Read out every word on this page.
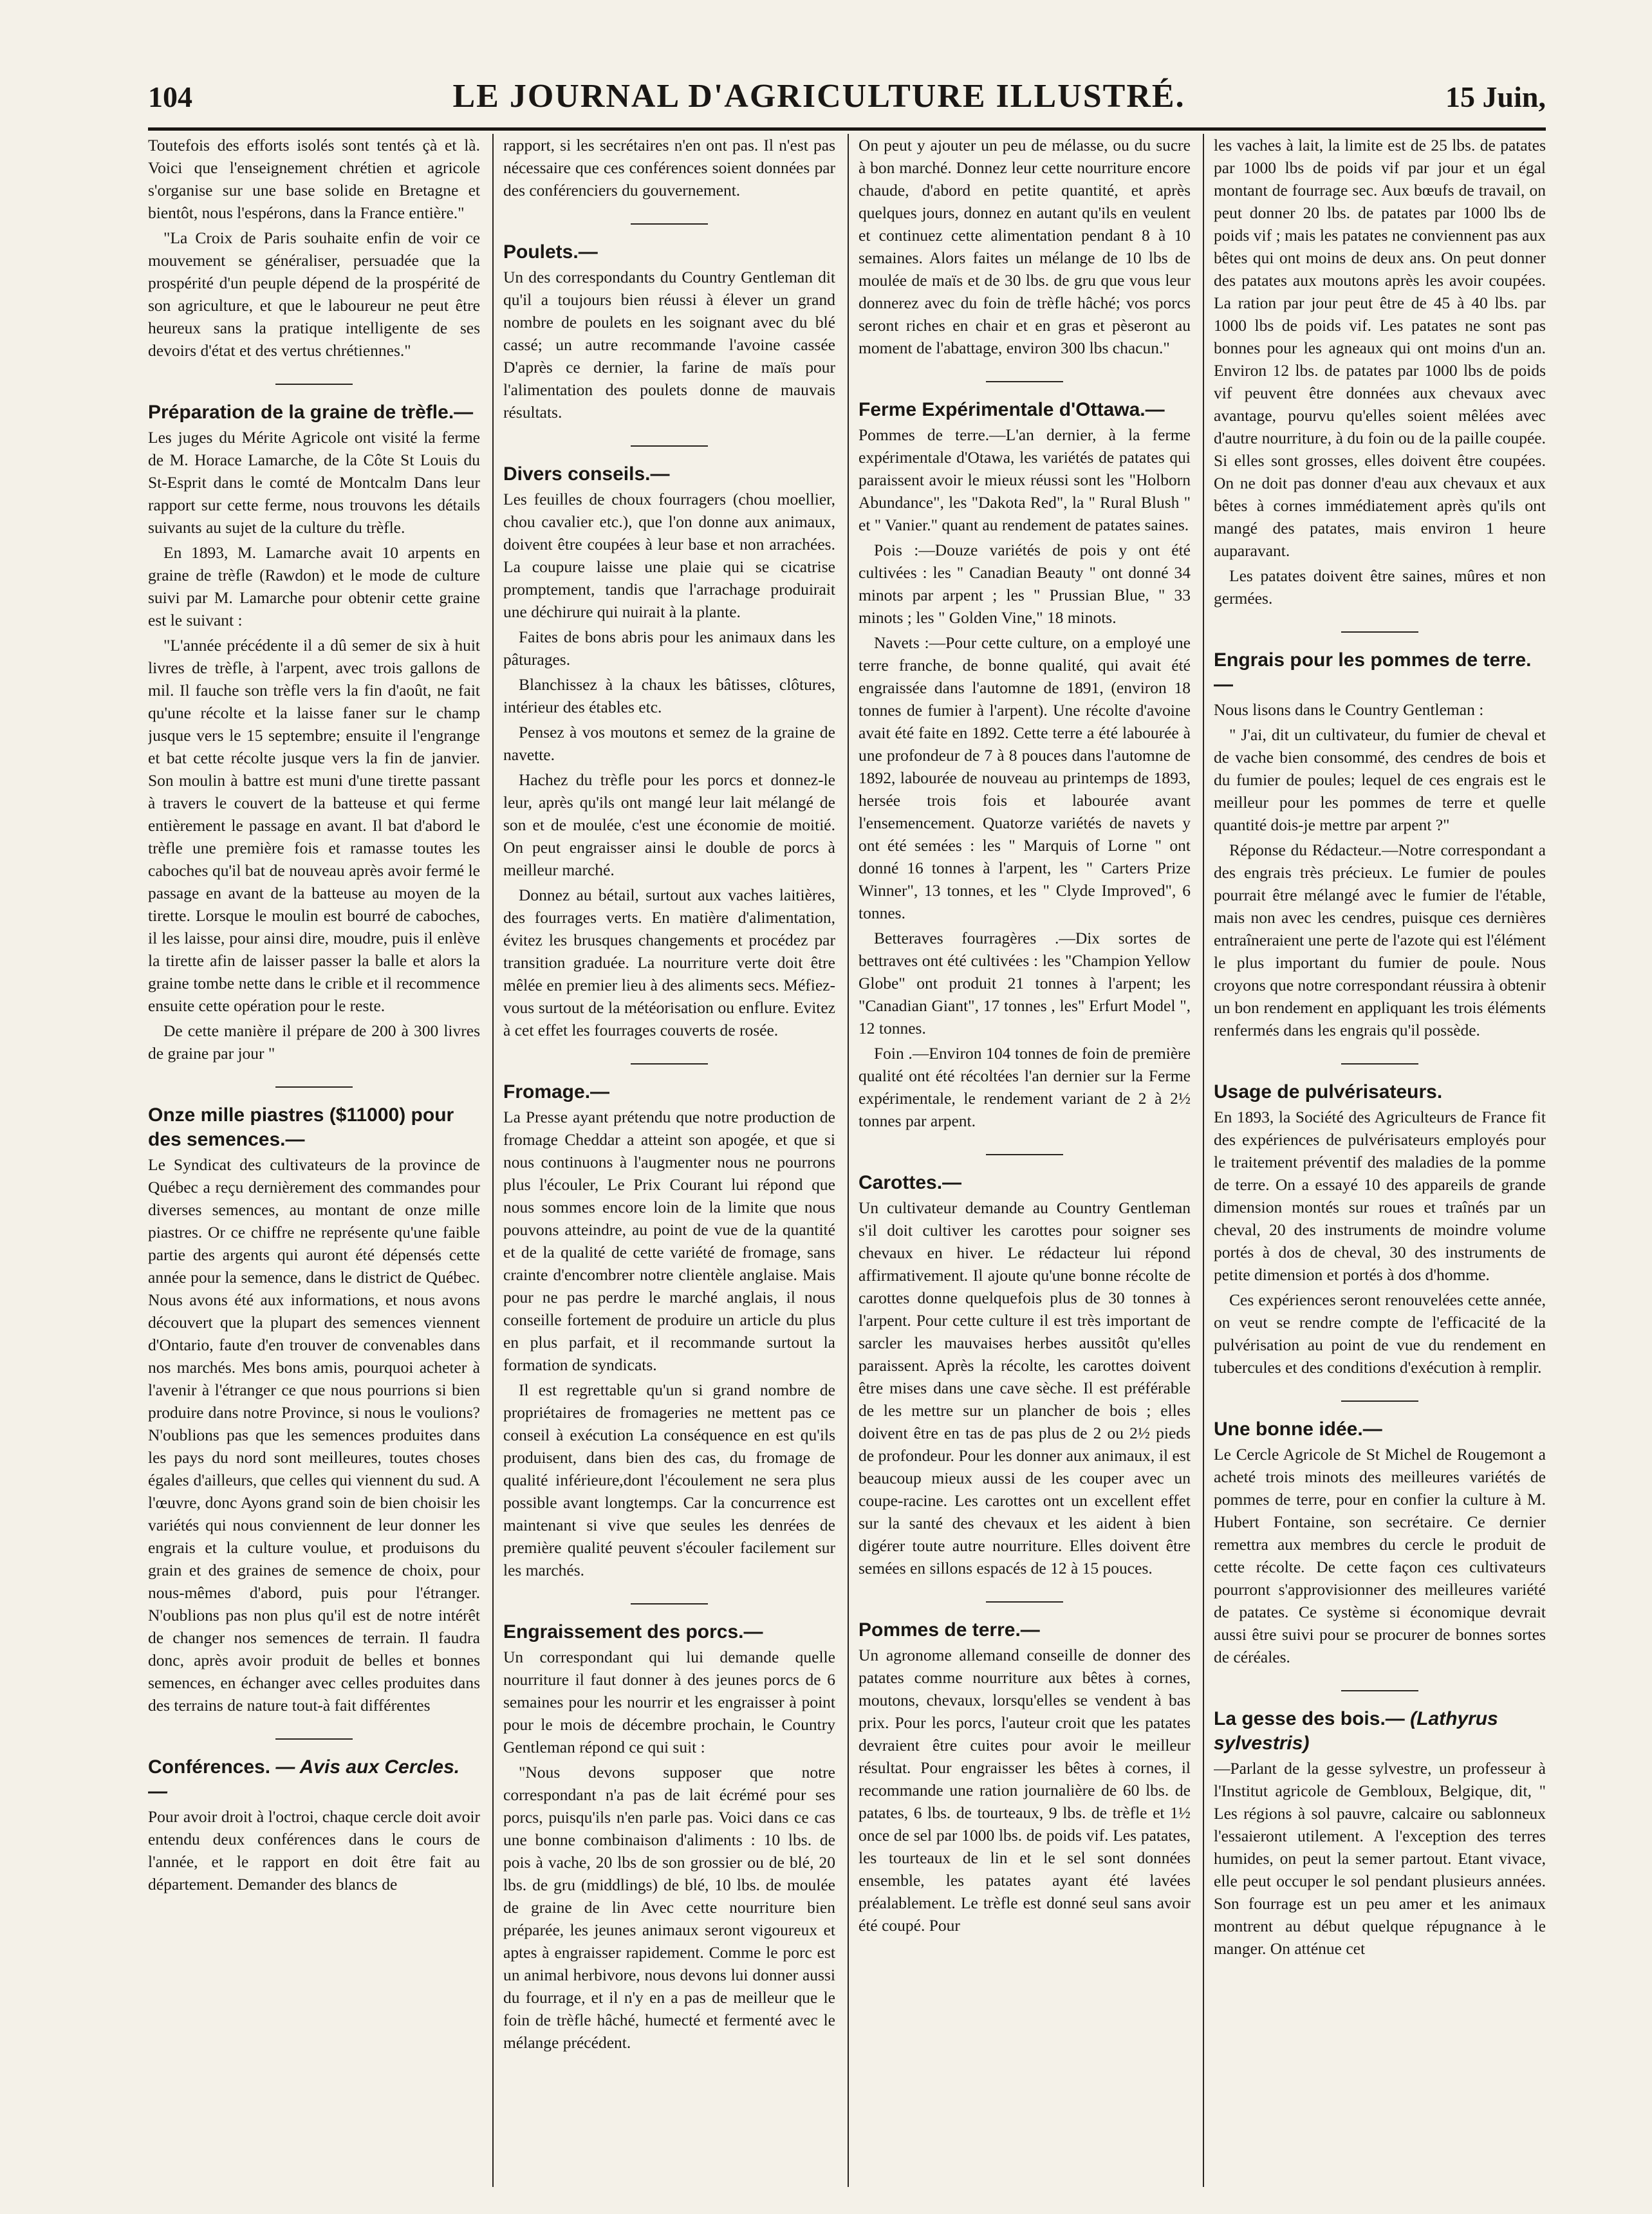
104	LE JOURNAL D'AGRICULTURE ILLUSTRÉ.	15 Juin,

Toutefois des efforts isolés sont tentés çà et là. Voici que l'enseignement chrétien et agricole s'organise sur une base solide en Bretagne et bientôt, nous l'espérons, dans la France entière."

"La Croix de Paris souhaite enfin de voir ce mouvement se généraliser, persuadée que la prospérité d'un peuple dépend de la prospérité de son agriculture, et que le laboureur ne peut être heureux sans la pratique intelligente de ses devoirs d'état et des vertus chrétiennes."

Préparation de la graine de trèfle.—

Les juges du Mérite Agricole ont visité la ferme de M. Horace Lamarche, de la Côte St Louis du St-Esprit dans le comté de Montcalm Dans leur rapport sur cette ferme, nous trouvons les détails suivants au sujet de la culture du trèfle.

En 1893, M. Lamarche avait 10 arpents en graine de trèfle (Rawdon) et le mode de culture suivi par M. Lamarche pour obtenir cette graine est le suivant :

"L'année précédente il a dû semer de six à huit livres de trèfle, à l'arpent, avec trois gallons de mil. Il fauche son trèfle vers la fin d'août, ne fait qu'une récolte et la laisse faner sur le champ jusque vers le 15 septembre; ensuite il l'engrange et bat cette récolte jusque vers la fin de janvier. Son moulin à battre est muni d'une tirette passant à travers le couvert de la batteuse et qui ferme entièrement le passage en avant. Il bat d'abord le trèfle une première fois et ramasse toutes les caboches qu'il bat de nouveau après avoir fermé le passage en avant de la batteuse au moyen de la tirette. Lorsque le moulin est bourré de caboches, il les laisse, pour ainsi dire, moudre, puis il enlève la tirette afin de laisser passer la balle et alors la graine tombe nette dans le crible et il recommence ensuite cette opération pour le reste.

De cette manière il prépare de 200 à 300 livres de graine par jour "

Onze mille piastres ($11000) pour des semences.—

Le Syndicat des cultivateurs de la province de Québec a reçu dernièrement des commandes pour diverses semences, au montant de onze mille piastres. Or ce chiffre ne représente qu'une faible partie des argents qui auront été dépensés cette année pour la semence, dans le district de Québec. Nous avons été aux informations, et nous avons découvert que la plupart des semences viennent d'Ontario, faute d'en trouver de convenables dans nos marchés. Mes bons amis, pourquoi acheter à l'avenir à l'étranger ce que nous pourrions si bien produire dans notre Province, si nous le voulions? N'oublions pas que les semences produites dans les pays du nord sont meilleures, toutes choses égales d'ailleurs, que celles qui viennent du sud. A l'œuvre, donc Ayons grand soin de bien choisir les variétés qui nous conviennent de leur donner les engrais et la culture voulue, et produisons du grain et des graines de semence de choix, pour nous-mêmes d'abord, puis pour l'étranger. N'oublions pas non plus qu'il est de notre intérêt de changer nos semences de terrain. Il faudra donc, après avoir produit de belles et bonnes semences, en échanger avec celles produites dans des terrains de nature tout-à fait différentes

Conférences. — Avis aux Cercles. —

Pour avoir droit à l'octroi, chaque cercle doit avoir entendu deux conférences dans le cours de l'année, et le rapport en doit être fait au département. Demander des blancs de

rapport, si les secrétaires n'en ont pas. Il n'est pas nécessaire que ces conférences soient données par des conférenciers du gouvernement.

Poulets.—

Un des correspondants du Country Gentleman dit qu'il a toujours bien réussi à élever un grand nombre de poulets en les soignant avec du blé cassé; un autre recommande l'avoine cassée D'après ce dernier, la farine de maïs pour l'alimentation des poulets donne de mauvais résultats.

Divers conseils.—

Les feuilles de choux fourragers (chou moellier, chou cavalier etc.), que l'on donne aux animaux, doivent être coupées à leur base et non arrachées. La coupure laisse une plaie qui se cicatrise promptement, tandis que l'arrachage produirait une déchirure qui nuirait à la plante.

Faites de bons abris pour les animaux dans les pâturages.

Blanchissez à la chaux les bâtisses, clôtures, intérieur des étables etc.

Pensez à vos moutons et semez de la graine de navette.

Hachez du trèfle pour les porcs et donnez-le leur, après qu'ils ont mangé leur lait mélangé de son et de moulée, c'est une économie de moitié. On peut engraisser ainsi le double de porcs à meilleur marché.

Donnez au bétail, surtout aux vaches laitières, des fourrages verts. En matière d'alimentation, évitez les brusques changements et procédez par transition graduée. La nourriture verte doit être mêlée en premier lieu à des aliments secs. Méfiez-vous surtout de la météorisation ou enflure. Evitez à cet effet les fourrages couverts de rosée.

Fromage.—

La Presse ayant prétendu que notre production de fromage Cheddar a atteint son apogée, et que si nous continuons à l'augmenter nous ne pourrons plus l'écouler, Le Prix Courant lui répond que nous sommes encore loin de la limite que nous pouvons atteindre, au point de vue de la quantité et de la qualité de cette variété de fromage, sans crainte d'encombrer notre clientèle anglaise. Mais pour ne pas perdre le marché anglais, il nous conseille fortement de produire un article du plus en plus parfait, et il recommande surtout la formation de syndicats.

Il est regrettable qu'un si grand nombre de propriétaires de fromageries ne mettent pas ce conseil à exécution La conséquence en est qu'ils produisent, dans bien des cas, du fromage de qualité inférieure,dont l'écoulement ne sera plus possible avant longtemps. Car la concurrence est maintenant si vive que seules les denrées de première qualité peuvent s'écouler facilement sur les marchés.

Engraissement des porcs.—

Un correspondant qui lui demande quelle nourriture il faut donner à des jeunes porcs de 6 semaines pour les nourrir et les engraisser à point pour le mois de décembre prochain, le Country Gentleman répond ce qui suit :

"Nous devons supposer que notre correspondant n'a pas de lait écrémé pour ses porcs, puisqu'ils n'en parle pas. Voici dans ce cas une bonne combinaison d'aliments : 10 lbs. de pois à vache, 20 lbs de son grossier ou de blé, 20 lbs. de gru (middlings) de blé, 10 lbs. de moulée de graine de lin Avec cette nourriture bien préparée, les jeunes animaux seront vigoureux et aptes à engraisser rapidement. Comme le porc est un animal herbivore, nous devons lui donner aussi du fourrage, et il n'y en a pas de meilleur que le foin de trèfle hâché, humecté et fermenté avec le mélange précédent.

On peut y ajouter un peu de mélasse, ou du sucre à bon marché. Donnez leur cette nourriture encore chaude, d'abord en petite quantité, et après quelques jours, donnez en autant qu'ils en veulent et continuez cette alimentation pendant 8 à 10 semaines. Alors faites un mélange de 10 lbs de moulée de maïs et de 30 lbs. de gru que vous leur donnerez avec du foin de trèfle hâché; vos porcs seront riches en chair et en gras et pèseront au moment de l'abattage, environ 300 lbs chacun."

Ferme Expérimentale d'Ottawa.—

Pommes de terre.—L'an dernier, à la ferme expérimentale d'Otawa, les variétés de patates qui paraissent avoir le mieux réussi sont les "Holborn Abundance", les "Dakota Red", la " Rural Blush " et " Vanier." quant au rendement de patates saines.

Pois :—Douze variétés de pois y ont été cultivées : les " Canadian Beauty " ont donné 34 minots par arpent ; les " Prussian Blue, " 33 minots ; les " Golden Vine," 18 minots.

Navets :—Pour cette culture, on a employé une terre franche, de bonne qualité, qui avait été engraissée dans l'automne de 1891, (environ 18 tonnes de fumier à l'arpent). Une récolte d'avoine avait été faite en 1892. Cette terre a été labourée à une profondeur de 7 à 8 pouces dans l'automne de 1892, labourée de nouveau au printemps de 1893, hersée trois fois et labourée avant l'ensemencement. Quatorze variétés de navets y ont été semées : les " Marquis of Lorne " ont donné 16 tonnes à l'arpent, les " Carters Prize Winner", 13 tonnes, et les " Clyde Improved", 6 tonnes.

Betteraves fourragères .—Dix sortes de bettraves ont été cultivées : les "Champion Yellow Globe" ont produit 21 tonnes à l'arpent; les "Canadian Giant", 17 tonnes , les" Erfurt Model ", 12 tonnes.

Foin .—Environ 104 tonnes de foin de première qualité ont été récoltées l'an dernier sur la Ferme expérimentale, le rendement variant de 2 à 2½ tonnes par arpent.

Carottes.—

Un cultivateur demande au Country Gentleman s'il doit cultiver les carottes pour soigner ses chevaux en hiver. Le rédacteur lui répond affirmativement. Il ajoute qu'une bonne récolte de carottes donne quelquefois plus de 30 tonnes à l'arpent. Pour cette culture il est très important de sarcler les mauvaises herbes aussitôt qu'elles paraissent. Après la récolte, les carottes doivent être mises dans une cave sèche. Il est préférable de les mettre sur un plancher de bois ; elles doivent être en tas de pas plus de 2 ou 2½ pieds de profondeur. Pour les donner aux animaux, il est beaucoup mieux aussi de les couper avec un coupe-racine. Les carottes ont un excellent effet sur la santé des chevaux et les aident à bien digérer toute autre nourriture. Elles doivent être semées en sillons espacés de 12 à 15 pouces.

Pommes de terre.—

Un agronome allemand conseille de donner des patates comme nourriture aux bêtes à cornes, moutons, chevaux, lorsqu'elles se vendent à bas prix. Pour les porcs, l'auteur croit que les patates devraient être cuites pour avoir le meilleur résultat. Pour engraisser les bêtes à cornes, il recommande une ration journalière de 60 lbs. de patates, 6 lbs. de tourteaux, 9 lbs. de trèfle et 1½ once de sel par 1000 lbs. de poids vif. Les patates, les tourteaux de lin et le sel sont données ensemble, les patates ayant été lavées préalablement. Le trèfle est donné seul sans avoir été coupé. Pour

les vaches à lait, la limite est de 25 lbs. de patates par 1000 lbs de poids vif par jour et un égal montant de fourrage sec. Aux bœufs de travail, on peut donner 20 lbs. de patates par 1000 lbs de poids vif ; mais les patates ne conviennent pas aux bêtes qui ont moins de deux ans. On peut donner des patates aux moutons après les avoir coupées. La ration par jour peut être de 45 à 40 lbs. par 1000 lbs de poids vif. Les patates ne sont pas bonnes pour les agneaux qui ont moins d'un an. Environ 12 lbs. de patates par 1000 lbs de poids vif peuvent être données aux chevaux avec avantage, pourvu qu'elles soient mêlées avec d'autre nourriture, à du foin ou de la paille coupée. Si elles sont grosses, elles doivent être coupées. On ne doit pas donner d'eau aux chevaux et aux bêtes à cornes immédiatement après qu'ils ont mangé des patates, mais environ 1 heure auparavant.

Les patates doivent être saines, mûres et non germées.

Engrais pour les pommes de terre.—

Nous lisons dans le Country Gentleman :

" J'ai, dit un cultivateur, du fumier de cheval et de vache bien consommé, des cendres de bois et du fumier de poules; lequel de ces engrais est le meilleur pour les pommes de terre et quelle quantité dois-je mettre par arpent ?"

Réponse du Rédacteur.—Notre correspondant a des engrais très précieux. Le fumier de poules pourrait être mélangé avec le fumier de l'étable, mais non avec les cendres, puisque ces dernières entraîneraient une perte de l'azote qui est l'élément le plus important du fumier de poule. Nous croyons que notre correspondant réussira à obtenir un bon rendement en appliquant les trois éléments renfermés dans les engrais qu'il possède.

Usage de pulvérisateurs.

En 1893, la Société des Agriculteurs de France fit des expériences de pulvérisateurs employés pour le traitement préventif des maladies de la pomme de terre. On a essayé 10 des appareils de grande dimension montés sur roues et traînés par un cheval, 20 des instruments de moindre volume portés à dos de cheval, 30 des instruments de petite dimension et portés à dos d'homme.

Ces expériences seront renouvelées cette année, on veut se rendre compte de l'efficacité de la pulvérisation au point de vue du rendement en tubercules et des conditions d'exécution à remplir.

Une bonne idée.—

Le Cercle Agricole de St Michel de Rougemont a acheté trois minots des meilleures variétés de pommes de terre, pour en confier la culture à M. Hubert Fontaine, son secrétaire. Ce dernier remettra aux membres du cercle le produit de cette récolte. De cette façon ces cultivateurs pourront s'approvisionner des meilleures variété de patates. Ce système si économique devrait aussi être suivi pour se procurer de bonnes sortes de céréales.

La gesse des bois.— (Lathyrus sylvestris)

—Parlant de la gesse sylvestre, un professeur à l'Institut agricole de Gembloux, Belgique, dit, " Les régions à sol pauvre, calcaire ou sablonneux l'essaieront utilement. A l'exception des terres humides, on peut la semer partout. Etant vivace, elle peut occuper le sol pendant plusieurs années. Son fourrage est un peu amer et les animaux montrent au début quelque répugnance à le manger. On atténue cet
